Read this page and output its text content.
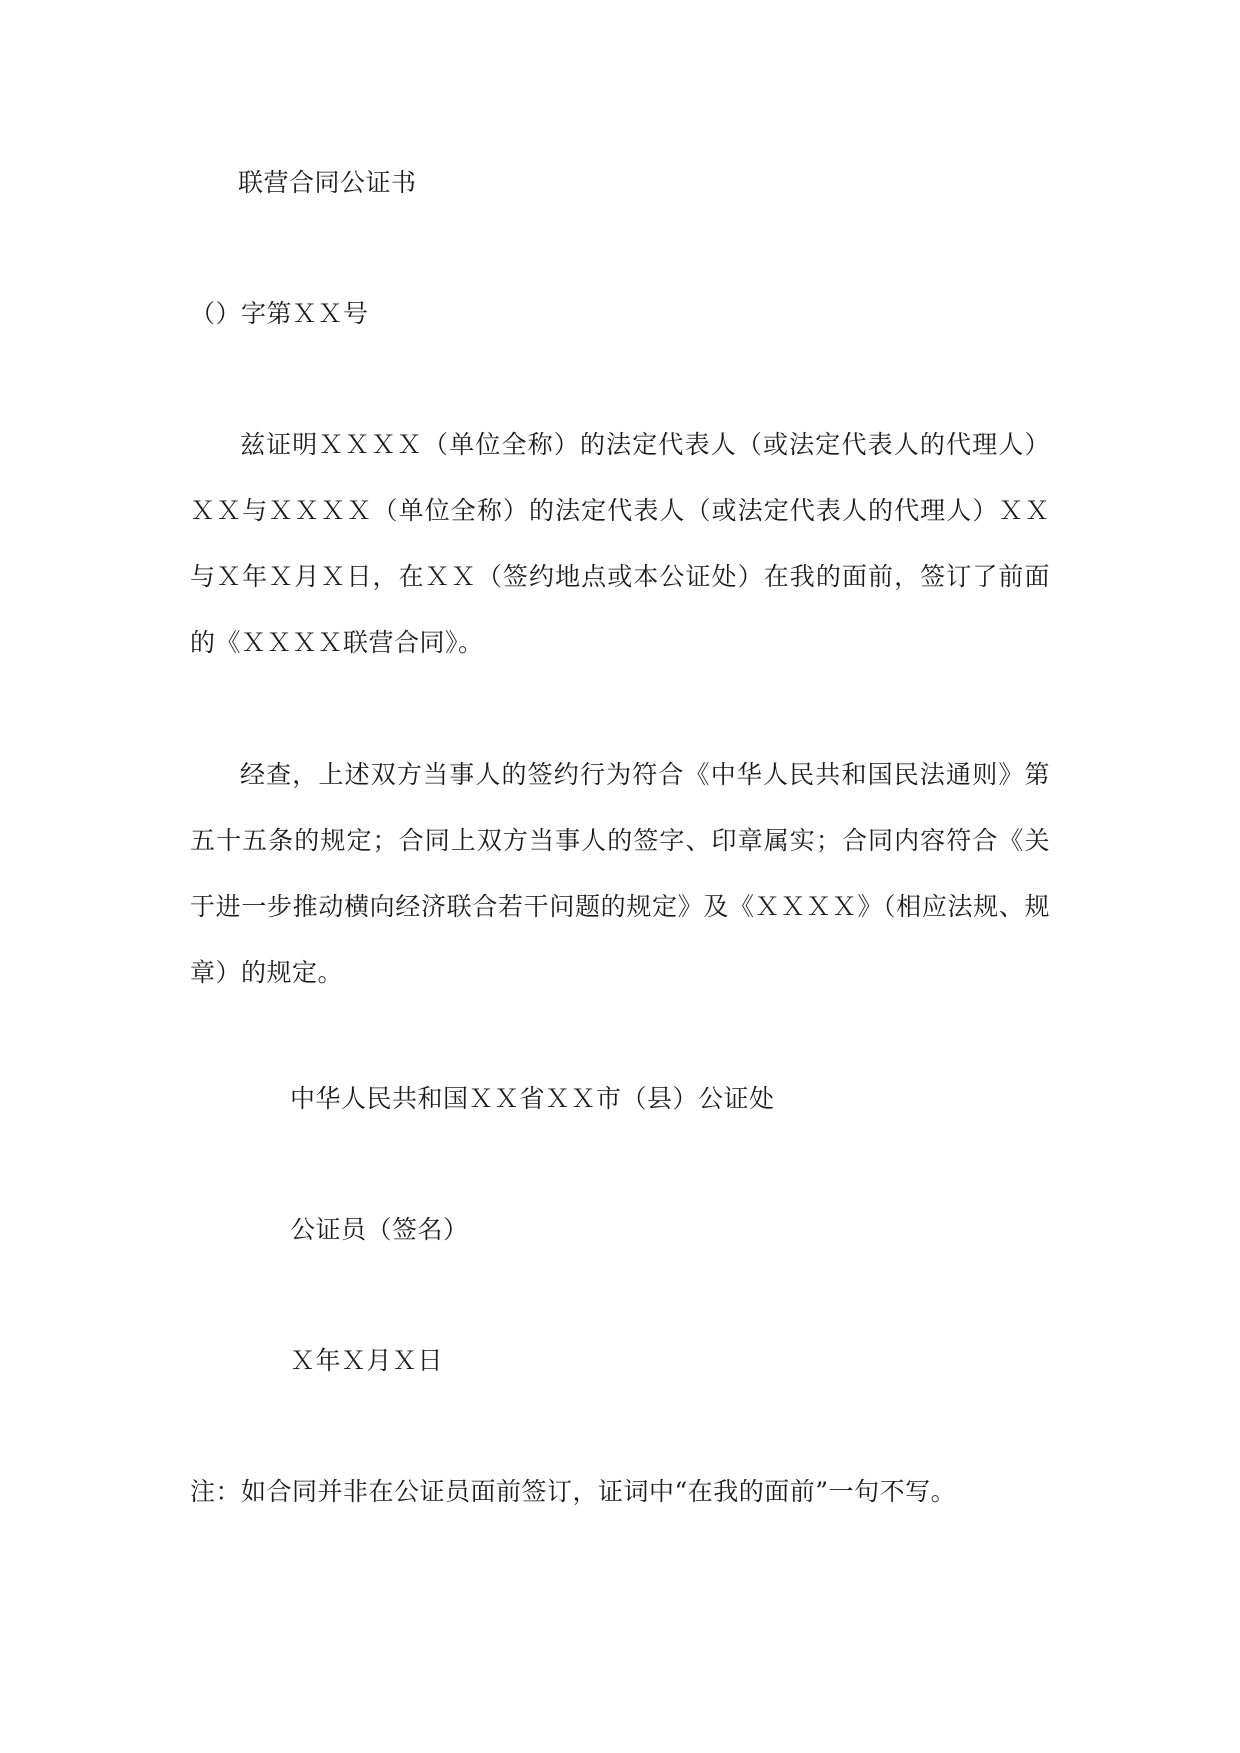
联营合同公证书
（）字第ＸＸ号

兹证明ＸＸＸＸ（单位全称）的法定代表人（或法定代表人的代理人）ＸＸ与ＸＸＸＸ（单位全称）的法定代表人（或法定代表人的代理人）ＸＸ与Ｘ年Ｘ月Ｘ日，在ＸＸ（签约地点或本公证处）在我的面前，签订了前面的《ＸＸＸＸ联营合同》。

经查，上述双方当事人的签约行为符合《中华人民共和国民法通则》第五十五条的规定；合同上双方当事人的签字、印章属实；合同内容符合《关于进一步推动横向经济联合若干问题的规定》及《ＸＸＸＸ》（相应法规、规章）的规定。

中华人民共和国ＸＸ省ＸＸ市（县）公证处
公证员（签名）
Ｘ年Ｘ月Ｘ日
注：如合同并非在公证员面前签订，证词中“在我的面前”一句不写。
